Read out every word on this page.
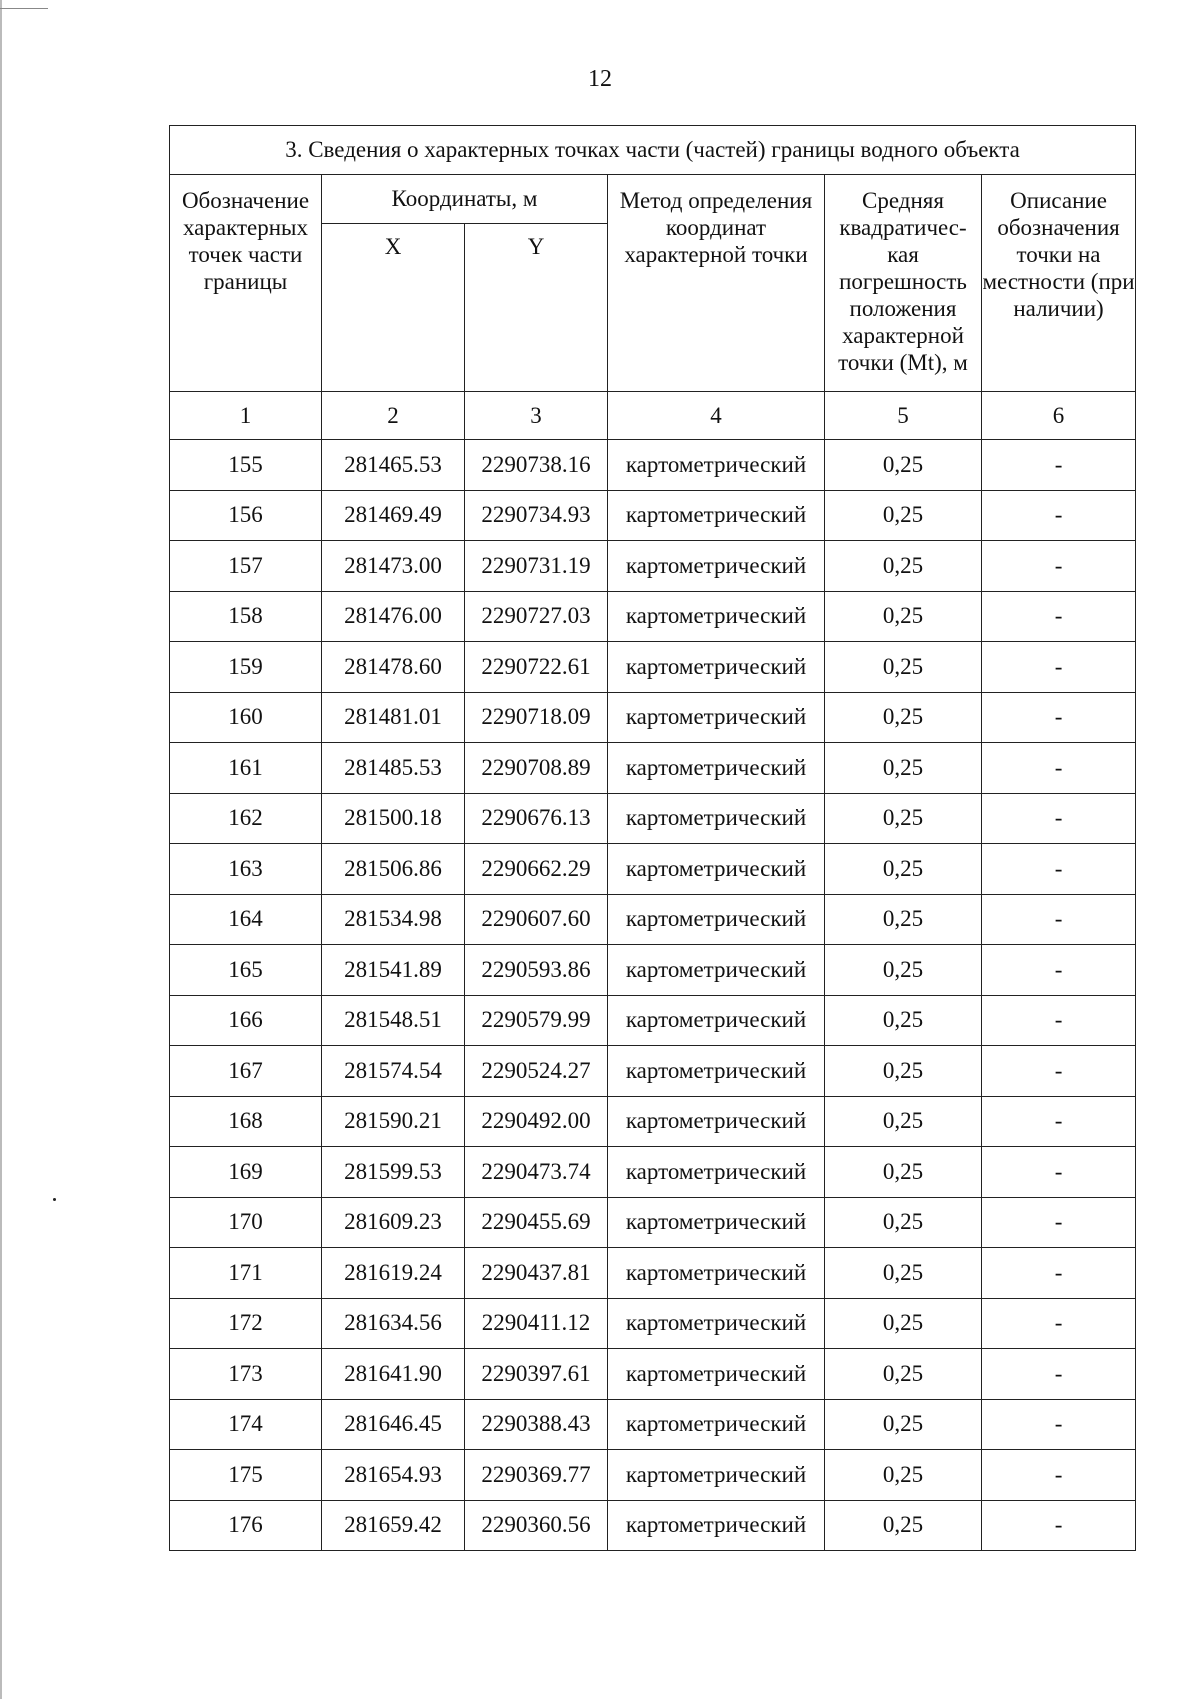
12
3. Сведения о характерных точках части (частей) границы водного объекта					
Обозначение характерных точек части границы	Координаты, м		Метод определения координат характерной точки	Средняя квадратичес-кая погрешность положения характерной точки (Mt), м	Описание обозначения точки на местности (при наличии)
	X	Y			
1	2	3	4	5	6
155	281465.53	2290738.16	картометрический	0,25	-
156	281469.49	2290734.93	картометрический	0,25	-
157	281473.00	2290731.19	картометрический	0,25	-
158	281476.00	2290727.03	картометрический	0,25	-
159	281478.60	2290722.61	картометрический	0,25	-
160	281481.01	2290718.09	картометрический	0,25	-
161	281485.53	2290708.89	картометрический	0,25	-
162	281500.18	2290676.13	картометрический	0,25	-
163	281506.86	2290662.29	картометрический	0,25	-
164	281534.98	2290607.60	картометрический	0,25	-
165	281541.89	2290593.86	картометрический	0,25	-
166	281548.51	2290579.99	картометрический	0,25	-
167	281574.54	2290524.27	картометрический	0,25	-
168	281590.21	2290492.00	картометрический	0,25	-
169	281599.53	2290473.74	картометрический	0,25	-
170	281609.23	2290455.69	картометрический	0,25	-
171	281619.24	2290437.81	картометрический	0,25	-
172	281634.56	2290411.12	картометрический	0,25	-
173	281641.90	2290397.61	картометрический	0,25	-
174	281646.45	2290388.43	картометрический	0,25	-
175	281654.93	2290369.77	картометрический	0,25	-
176	281659.42	2290360.56	картометрический	0,25	-
